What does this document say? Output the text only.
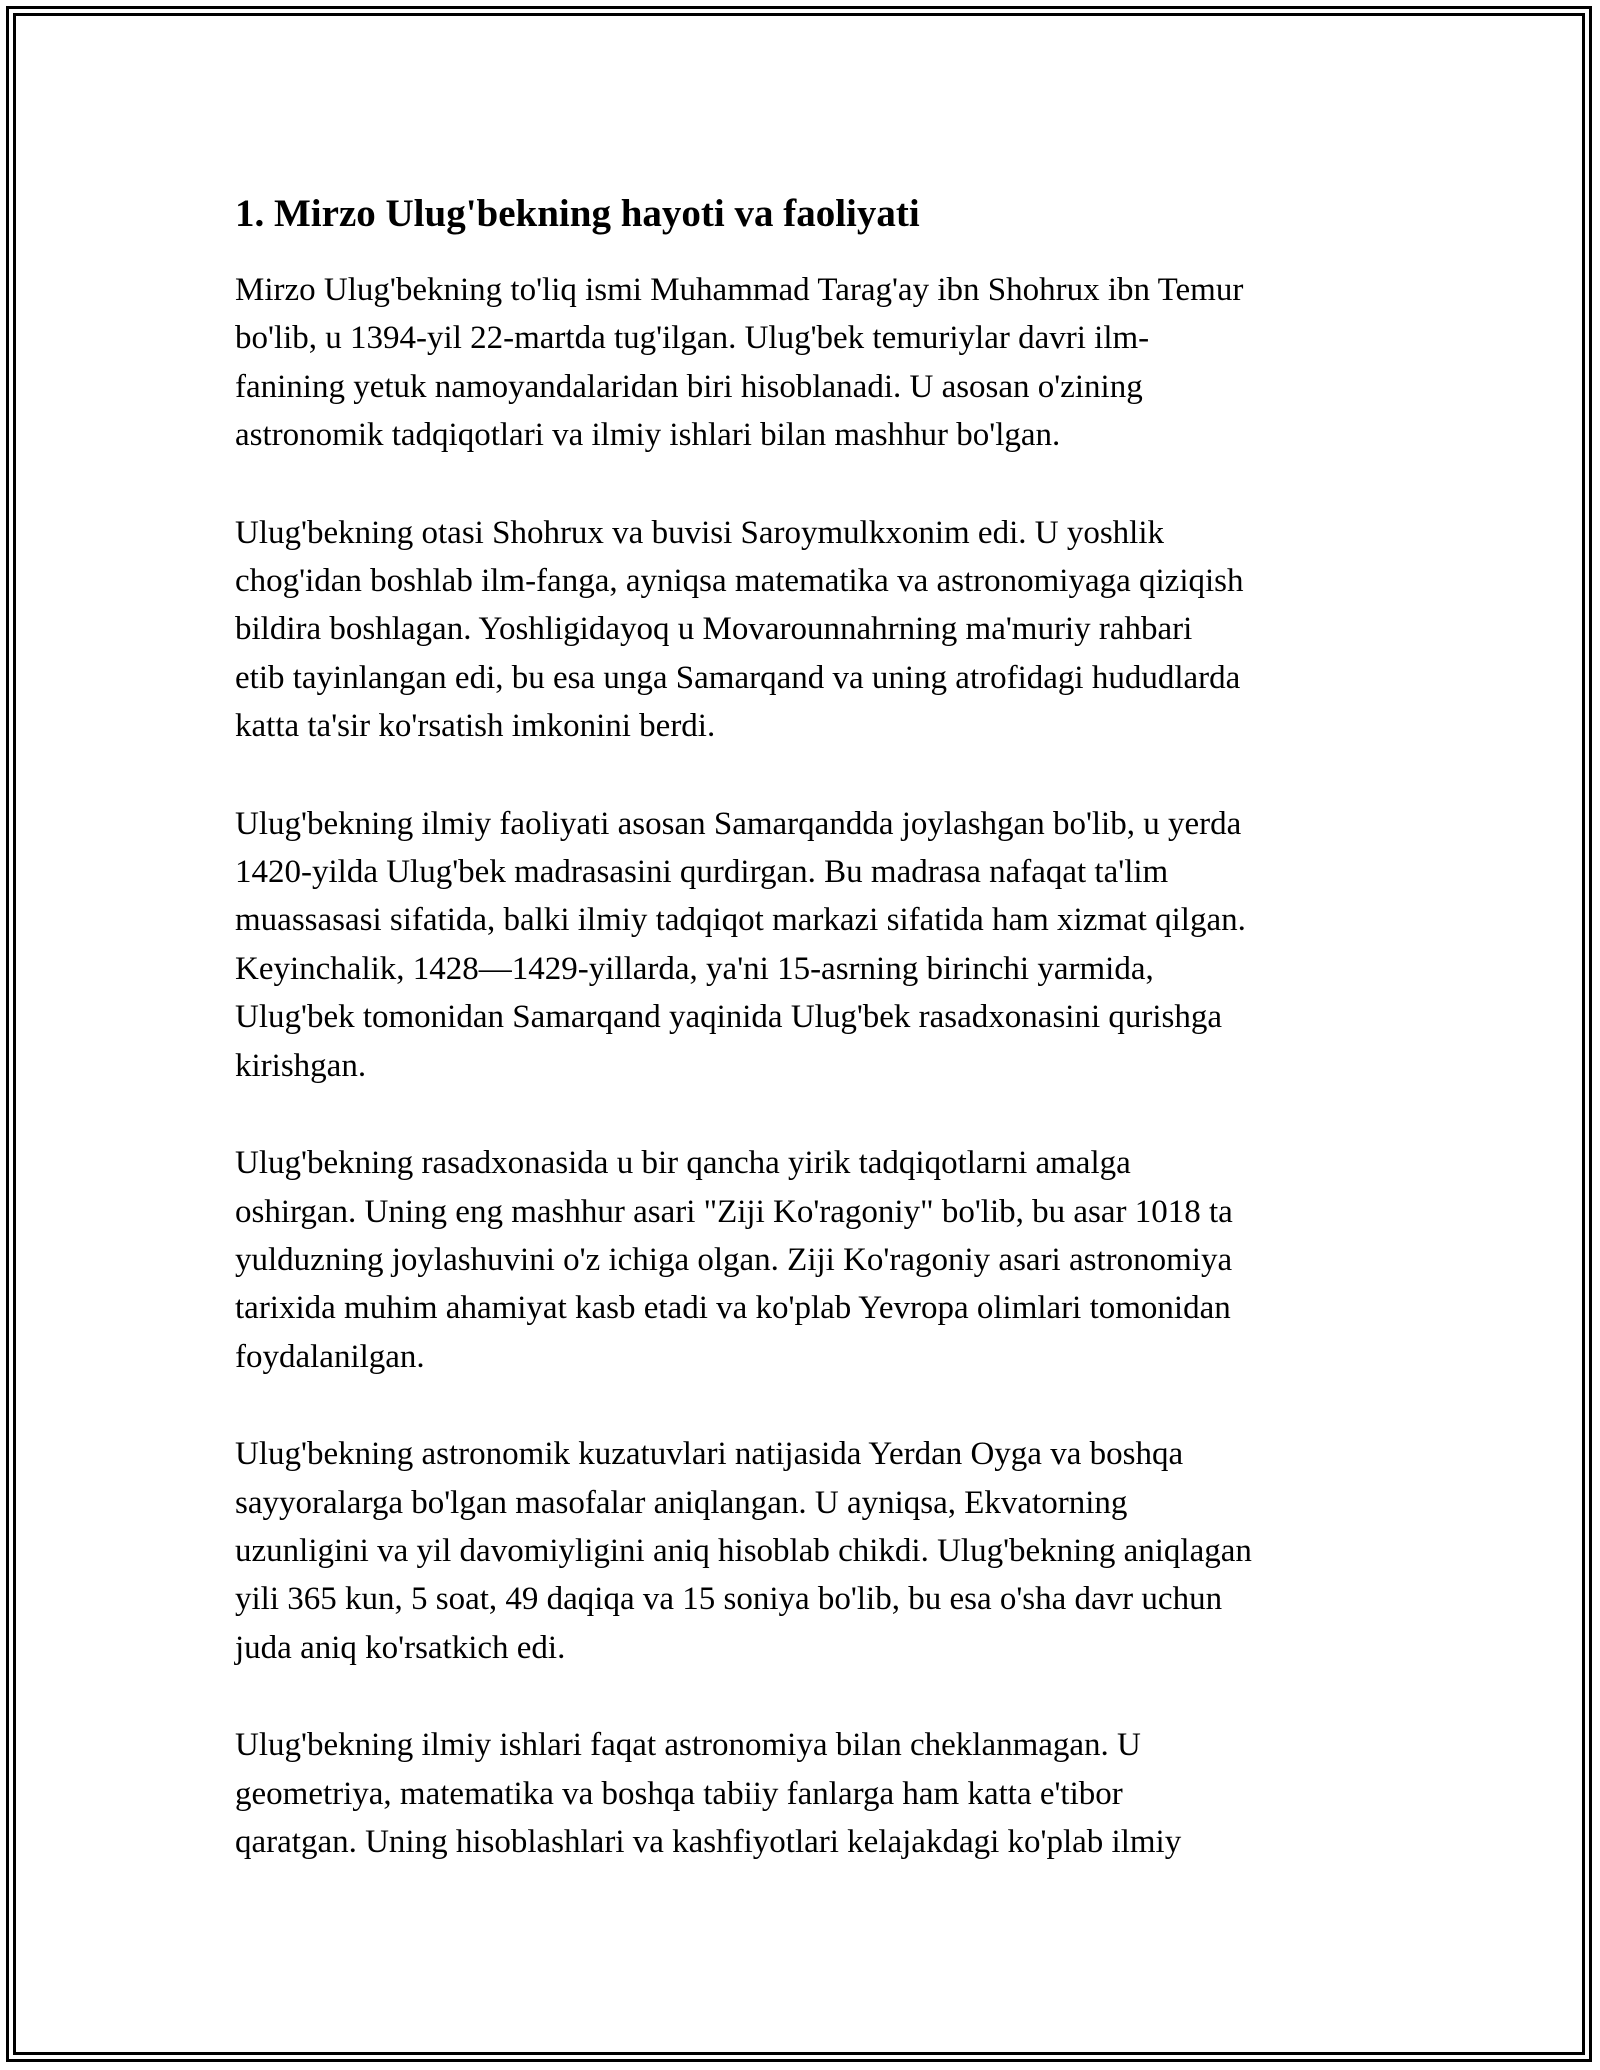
1. Mirzo Ulug'bekning hayoti va faoliyati

Mirzo Ulug'bekning to'liq ismi Muhammad Tarag'ay ibn Shohrux ibn Temur
bo'lib, u 1394-yil 22-martda tug'ilgan. Ulug'bek temuriylar davri ilm-
fanining yetuk namoyandalaridan biri hisoblanadi. U asosan o'zining
astronomik tadqiqotlari va ilmiy ishlari bilan mashhur bo'lgan.

Ulug'bekning otasi Shohrux va buvisi Saroymulkxonim edi. U yoshlik
chog'idan boshlab ilm-fanga, ayniqsa matematika va astronomiyaga qiziqish
bildira boshlagan. Yoshligidayoq u Movarounnahrning ma'muriy rahbari
etib tayinlangan edi, bu esa unga Samarqand va uning atrofidagi hududlarda
katta ta'sir ko'rsatish imkonini berdi.

Ulug'bekning ilmiy faoliyati asosan Samarqandda joylashgan bo'lib, u yerda
1420-yilda Ulug'bek madrasasini qurdirgan. Bu madrasa nafaqat ta'lim
muassasasi sifatida, balki ilmiy tadqiqot markazi sifatida ham xizmat qilgan.
Keyinchalik, 1428—1429-yillarda, ya'ni 15-asrning birinchi yarmida,
Ulug'bek tomonidan Samarqand yaqinida Ulug'bek rasadxonasini qurishga
kirishgan.

Ulug'bekning rasadxonasida u bir qancha yirik tadqiqotlarni amalga
oshirgan. Uning eng mashhur asari "Ziji Ko'ragoniy" bo'lib, bu asar 1018 ta
yulduzning joylashuvini o'z ichiga olgan. Ziji Ko'ragoniy asari astronomiya
tarixida muhim ahamiyat kasb etadi va ko'plab Yevropa olimlari tomonidan
foydalanilgan.

Ulug'bekning astronomik kuzatuvlari natijasida Yerdan Oyga va boshqa
sayyoralarga bo'lgan masofalar aniqlangan. U ayniqsa, Ekvatorning
uzunligini va yil davomiyligini aniq hisoblab chikdi. Ulug'bekning aniqlagan
yili 365 kun, 5 soat, 49 daqiqa va 15 soniya bo'lib, bu esa o'sha davr uchun
juda aniq ko'rsatkich edi.

Ulug'bekning ilmiy ishlari faqat astronomiya bilan cheklanmagan. U
geometriya, matematika va boshqa tabiiy fanlarga ham katta e'tibor
qaratgan. Uning hisoblashlari va kashfiyotlari kelajakdagi ko'plab ilmiy
